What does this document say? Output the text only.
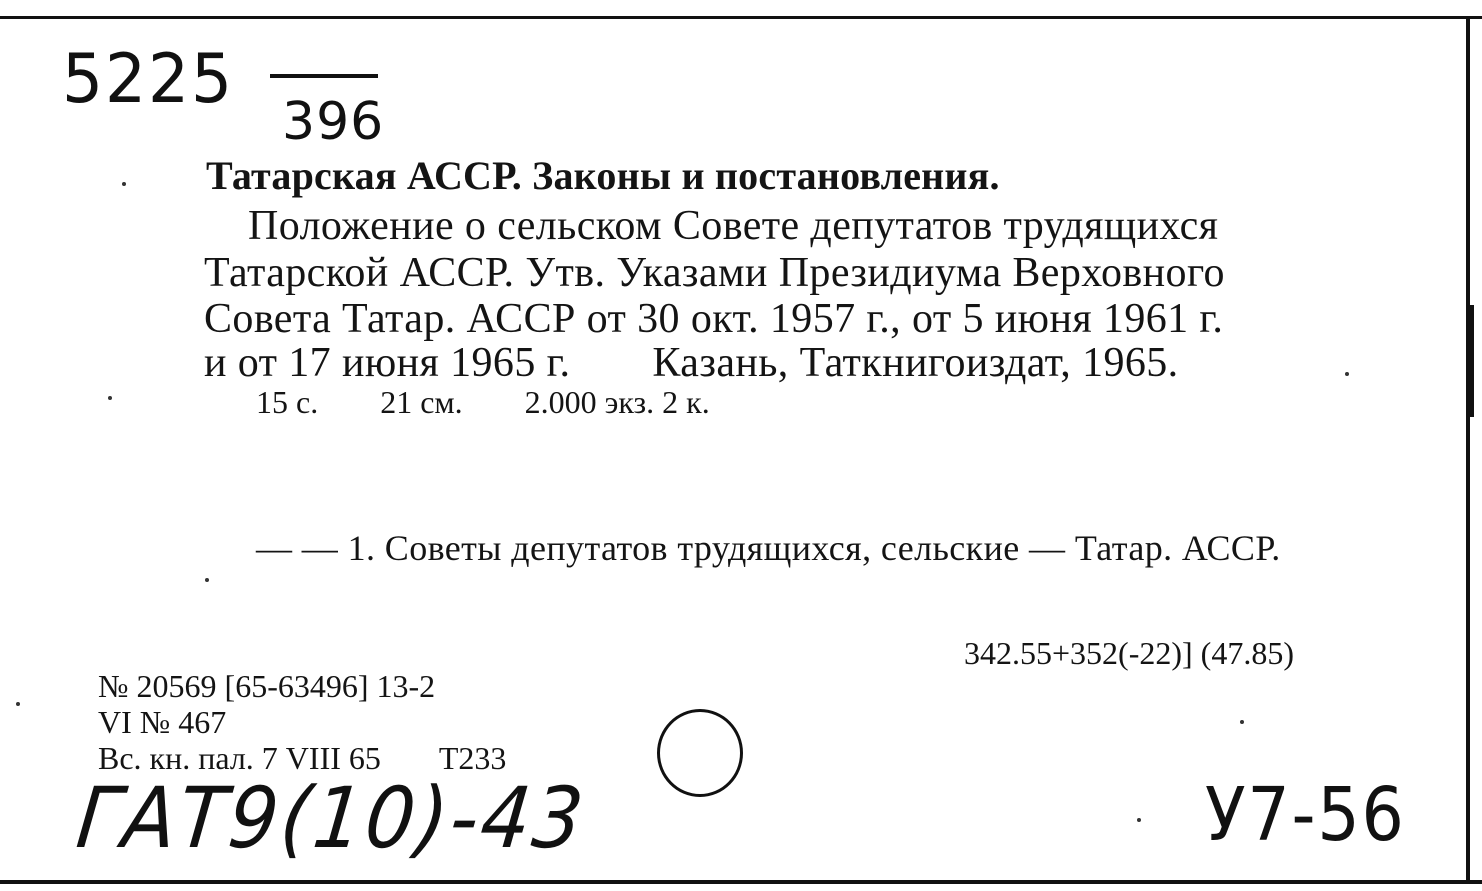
5225
396
Татарская АССР. Законы и постановления.
Положение о сельском Совете депутатов трудящихся
Татарской АССР. Утв. Указами Президиума Верховного
Совета Татар. АССР от 30 окт. 1957 г., от 5 июня 1961 г.
и от 17 июня 1965 г. Казань, Таткнигоиздат, 1965.
15 с. 21 см. 2.000 экз. 2 к.
— — 1. Советы депутатов трудящихся, сельские — Татар. АССР.
342.55+352(-22)] (47.85)
№ 20569 [65-63496] 13-2
VI № 467
Вс. кн. пал. 7 VIII 65 Т233
ГАТ9(10)-43	У7-56
